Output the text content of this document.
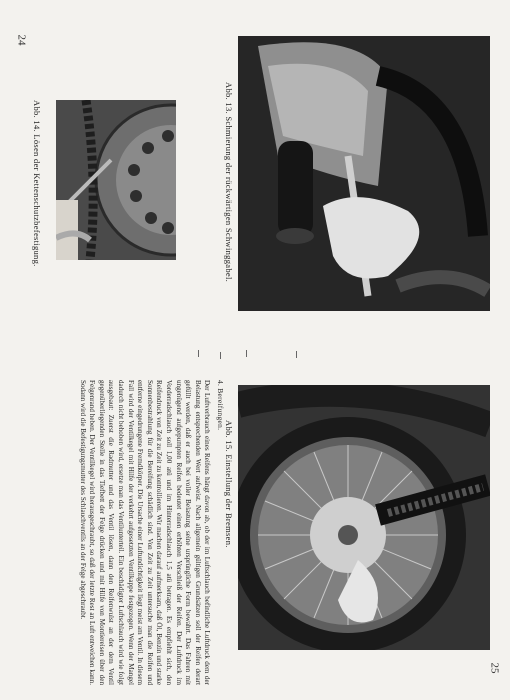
24
25
Abb. 14. Lösen der Kettenschutzbefestigung.	Abb. 13. Schmierung der rückwärtigen Schwinggabel.
Abb. 15. Einstellung der Bremsen.
4. Bereifungen.

Der Luftverbrauch eines Reifens hängt davon ab, ob der im Luftschlauch befindliche Luftdruck dem der Belastung entsprechenden Wert aufweist. Nach allgemein gültigen Grundsätzen soll der Reifen derart gefüllt werden, daß er auch bei voller Belastung seine ursprüngliche Form bewahrt. Das Fahren mit ungenügend aufgepumpten Reifen bedeutet einen erhöhten Verschleiß der Reifen. Der Luftdruck im Vorderradschlauch soll 1,00 atü und im Hinterradschlauch 1,5 atü betragen. Es empfiehlt sich, den Reifendruck von Zeit zu Zeit zu kontrollieren. Wir machen darauf aufmerksam, daß Öl, Benzin und starke Sonnenbestrahlung für die Bereifung schädlich sind. Von Zeit zu Zeit untersuche man die Reifen und entferne eingedrungene Fremdkörper. Die Ursache einer Luftundichtigkeit liegt meist am Ventil. In diesem Fall wird der Ventilkegel mit Hilfe der verkehrt aufgesetzten Ventilkappe festgezogen. Wenn der Mangel dadurch nicht behoben wird, ersetze man das Ventilunterteil. Ein beschädigter Luftschlauch wird wie folgt ausgebaut: Zuerst die Radmutter und das Ventil lösen, dann den Reifenwulst an der dem Ventil gegenüberliegenden Stelle in das Tiefbett der Felge drücken und mit Hilfe von Montiereisen über den Felgenrand heben. Der Ventilkegel wird herausgeschraubt, so daß der letzte Rest an Luft entweichen kann. Sodann wird die Befestigungsmutter des Schlauchventils an der Felge abgeschraubt.
